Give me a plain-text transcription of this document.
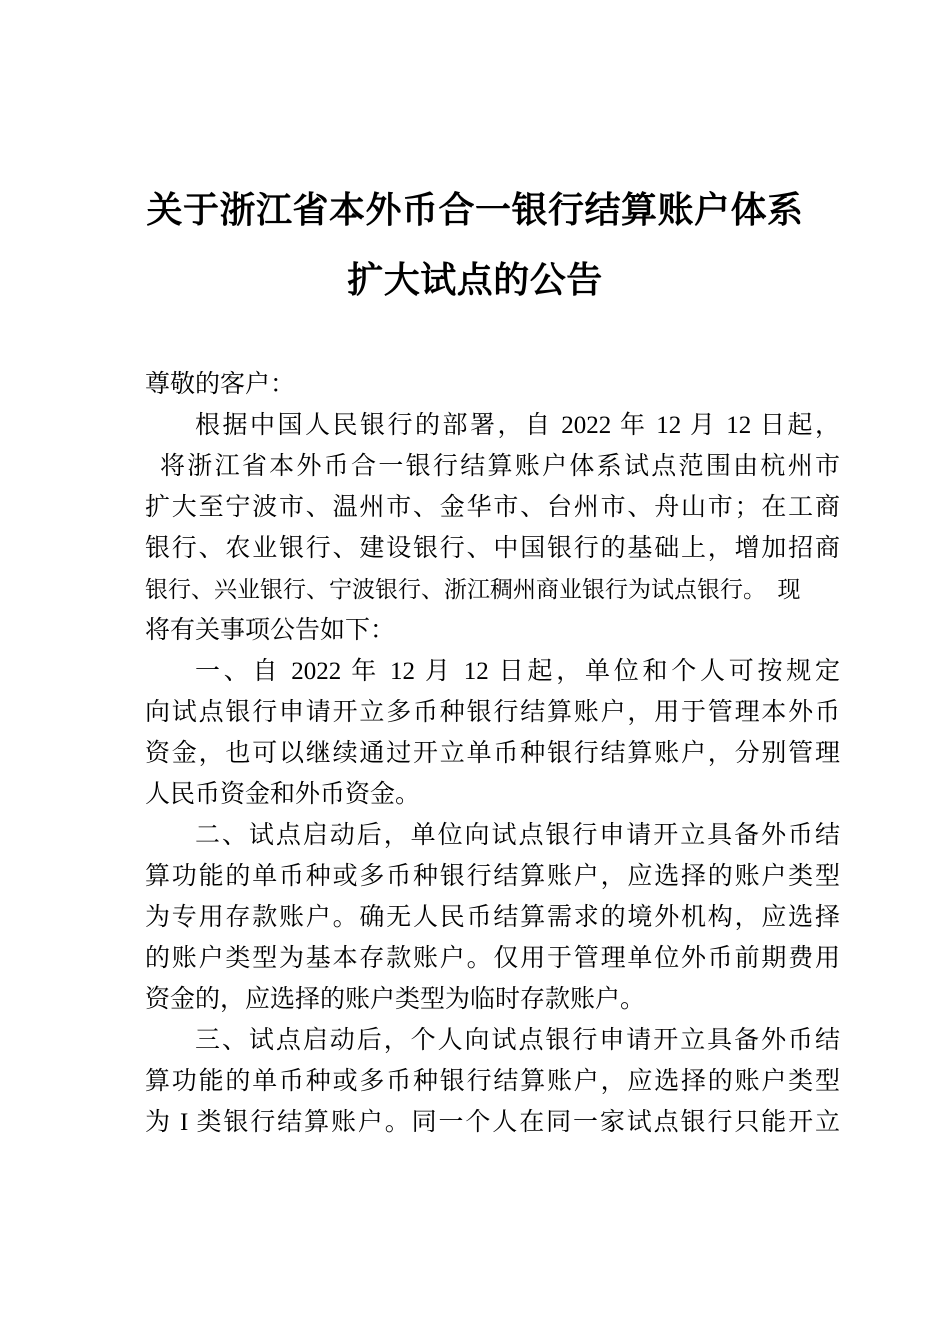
关于浙江省本外币合一银行结算账户体系
扩大试点的公告
尊敬的客户：
根据中国人民银行的部署，自 2022 年 12 月 12 日起，
将浙江省本外币合一银行结算账户体系试点范围由杭州市
扩大至宁波市、温州市、金华市、台州市、舟山市；在工商
银行、农业银行、建设银行、中国银行的基础上，增加招商
银行、兴业银行、宁波银行、浙江稠州商业银行为试点银行。　现
将有关事项公告如下：
一、自 2022 年 12 月 12 日起，单位和个人可按规定
向试点银行申请开立多币种银行结算账户，用于管理本外币
资金，也可以继续通过开立单币种银行结算账户，分别管理
人民币资金和外币资金。
二、试点启动后，单位向试点银行申请开立具备外币结
算功能的单币种或多币种银行结算账户，应选择的账户类型
为专用存款账户。确无人民币结算需求的境外机构，应选择
的账户类型为基本存款账户。仅用于管理单位外币前期费用
资金的，应选择的账户类型为临时存款账户。
三、试点启动后，个人向试点银行申请开立具备外币结
算功能的单币种或多币种银行结算账户，应选择的账户类型
为 I 类银行结算账户。同一个人在同一家试点银行只能开立
